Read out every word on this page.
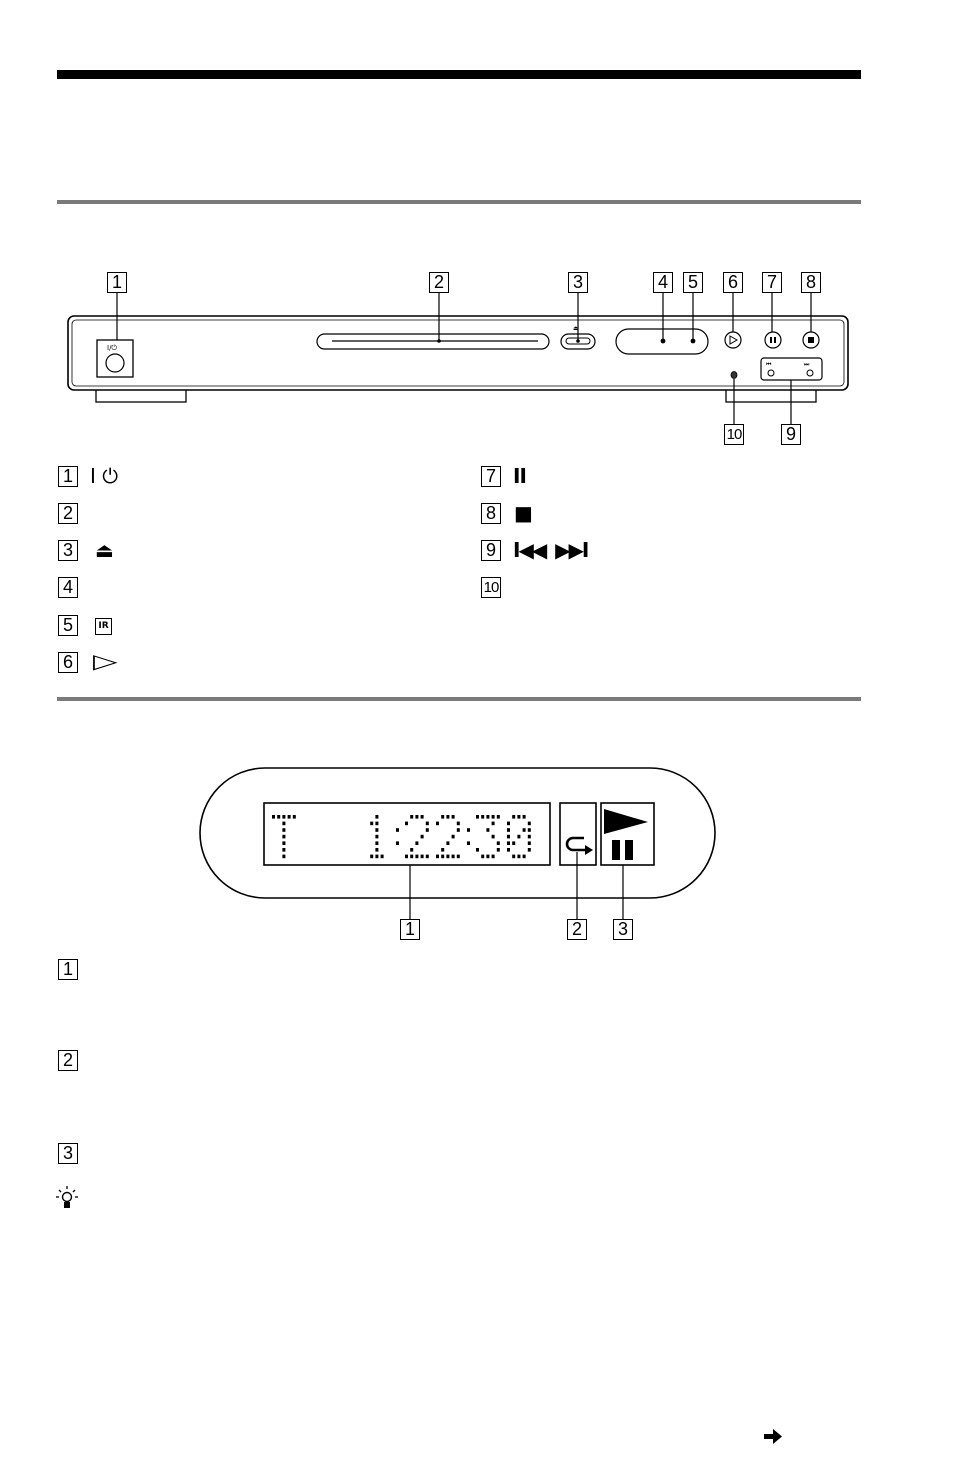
I/⏻
⏏
⏮	⏭
1	2	3	4 5 6 7 8
10 9
1 I ⏻
2
3 ⏏
4
5	IR
6 ▷
7 II
8 ■
9 I◀◀  ▶▶I
10
1	2 3
1
2
3
